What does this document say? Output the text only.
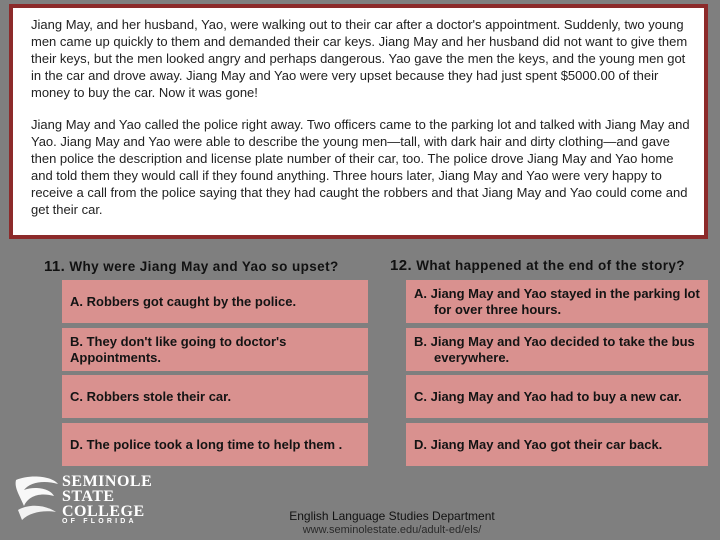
Jiang May, and her husband, Yao, were walking out to their car after a doctor's appointment. Suddenly, two young men came up quickly to them and demanded their car keys. Jiang May and her husband did not want to give them their keys, but the men looked angry and perhaps dangerous. Yao gave the men the keys, and the young men got in the car and drove away. Jiang May and Yao were very upset because they had just spent $5000.00 of their money to buy the car. Now it was gone!

Jiang May and Yao called the police right away. Two officers came to the parking lot and talked with Jiang May and Yao. Jiang May and Yao were able to describe the young men—tall, with dark hair and dirty clothing—and gave then police the description and license plate number of their car, too. The police drove Jiang May and Yao home and told them they would call if they found anything. Three hours later, Jiang May and Yao were very happy to receive a call from the police saying that they had caught the robbers and that Jiang May and Yao could come and get their car.

11. Why were Jiang May and Yao so upset?	12. What happened at the end of the story?
A. Robbers got caught by the police.
B. They don't like going to doctor's Appointments.
C. Robbers stole their car.
D. The police took a long time to help them .
A. Jiang May and Yao stayed in the parking lot for over three hours.
B. Jiang May and Yao decided to take the bus everywhere.
C. Jiang May and Yao had to buy a new car.
D. Jiang May and Yao got their car back.
SEMINOLE
STATE
COLLEGE
OF FLORIDA	English Language Studies Department
www.seminolestate.edu/adult-ed/els/
